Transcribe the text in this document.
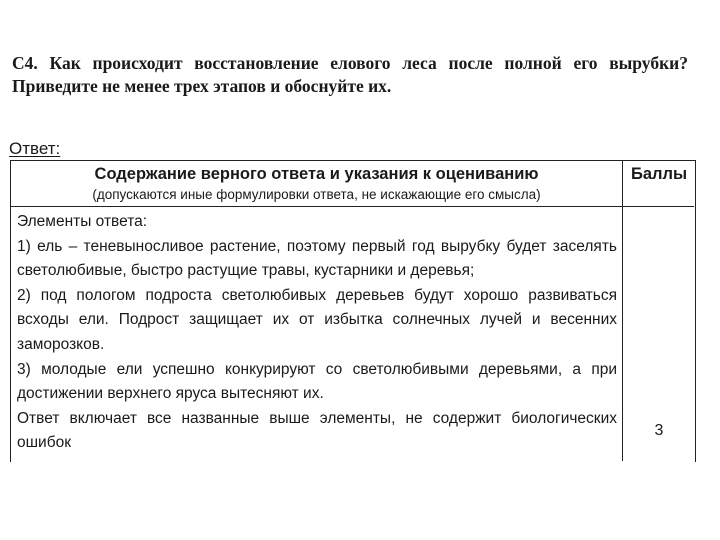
С4. Как происходит восстановление елового леса после полной его вырубки? Приведите не менее трех этапов и обоснуйте их.
Ответ:
Содержание верного ответа и указания к оцениванию
(допускаются иные формулировки ответа, не искажающие его смысла)
Баллы

Элементы ответа:

1) ель – теневыносливое растение, поэтому первый год вырубку будет заселять светолюбивые, быстро растущие травы, кустарники и деревья;

2) под пологом подроста светолюбивых деревьев будут хорошо развиваться всходы ели. Подрост защищает их от избытка солнечных лучей и весенних заморозков.

3) молодые ели успешно конкурируют со светолюбивыми деревьями, а при достижении верхнего яруса вытесняют их.

Ответ включает все названные выше элементы, не содержит биологических ошибок

3
